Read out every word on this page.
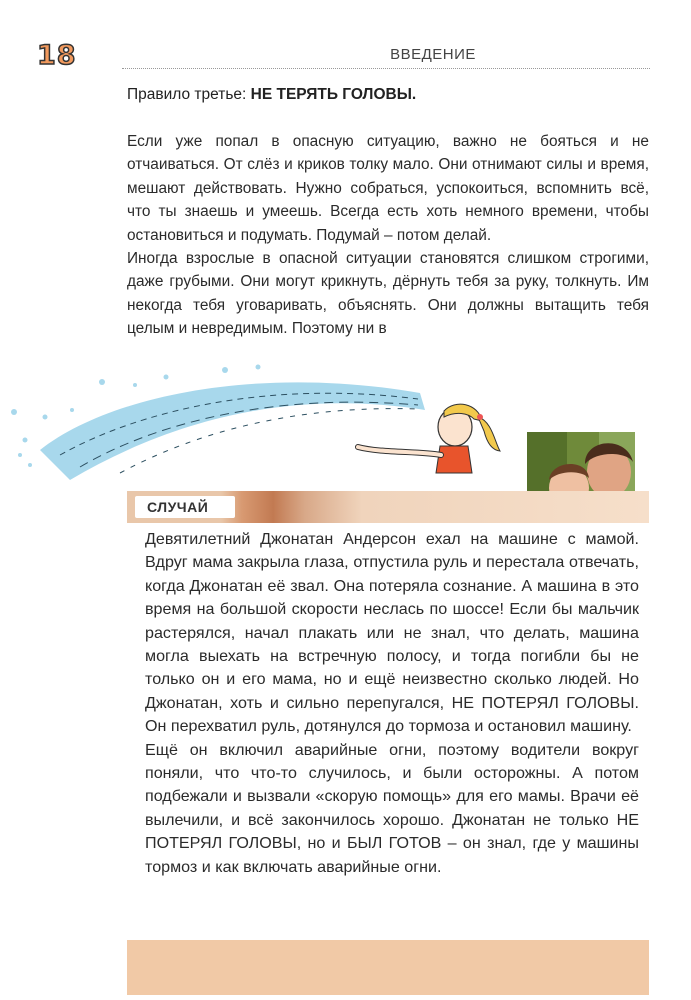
18	ВВЕДЕНИЕ
Правило третье: НЕ ТЕРЯТЬ ГОЛОВЫ.

Если уже попал в опасную ситуацию, важно не бояться и не отчаиваться. От слёз и криков толку мало. Они отнимают силы и время, мешают действовать. Нужно собраться, успокоиться, вспомнить всё, что ты знаешь и умеешь. Всегда есть хоть немного времени, чтобы остановиться и подумать. Подумай – потом делай.

Иногда взрослые в опасной ситуации становятся слишком строгими, даже грубыми. Они могут крикнуть, дёрнуть тебя за руку, толкнуть. Им некогда тебя уговаривать, объяснять. Они должны вытащить тебя целым и невредимым. Поэтому ни в

СЛУЧАЙ

Девятилетний Джонатан Андерсон ехал на машине с мамой. Вдруг мама закрыла глаза, отпустила руль и перестала отвечать, когда Джонатан её звал. Она потеряла сознание. А машина в это время на большой скорости неслась по шоссе! Если бы мальчик растерялся, начал плакать или не знал, что делать, машина могла выехать на встречную полосу, и тогда погибли бы не только он и его мама, но и ещё неизвестно сколько людей. Но Джонатан, хоть и сильно перепугался, НЕ ПОТЕРЯЛ ГОЛОВЫ. Он перехватил руль, дотянулся до тормоза и остановил машину.

Ещё он включил аварийные огни, поэтому водители вокруг поняли, что что-то случилось, и были осторожны. А потом подбежали и вызвали «скорую помощь» для его мамы. Врачи её вылечили, и всё закончилось хорошо. Джонатан не только НЕ ПОТЕРЯЛ ГОЛОВЫ, но и БЫЛ ГОТОВ – он знал, где у машины тормоз и как включать аварийные огни.
